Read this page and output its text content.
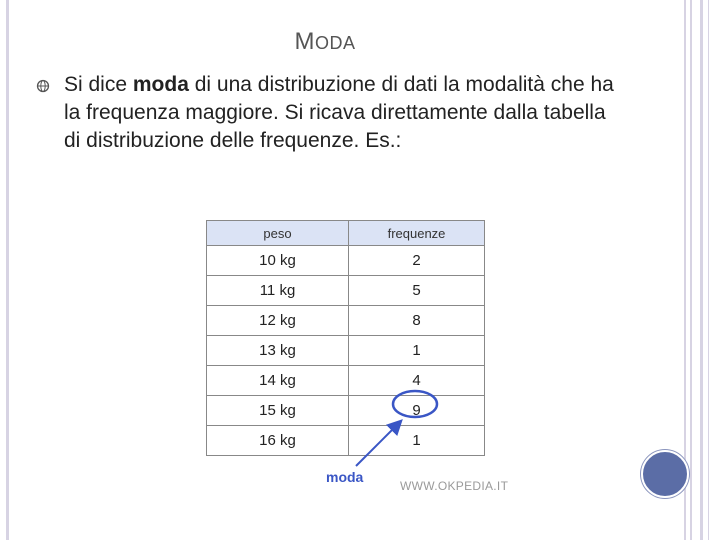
MODA
Si dice moda di una distribuzione di dati la modalità che ha la frequenza maggiore. Si ricava direttamente dalla tabella di distribuzione delle frequenze. Es.:
peso	frequenze
10 kg	2
11 kg	5
12 kg	8
13 kg	1
14 kg	4
15 kg	9
16 kg	1
moda
WWW.OKPEDIA.IT
